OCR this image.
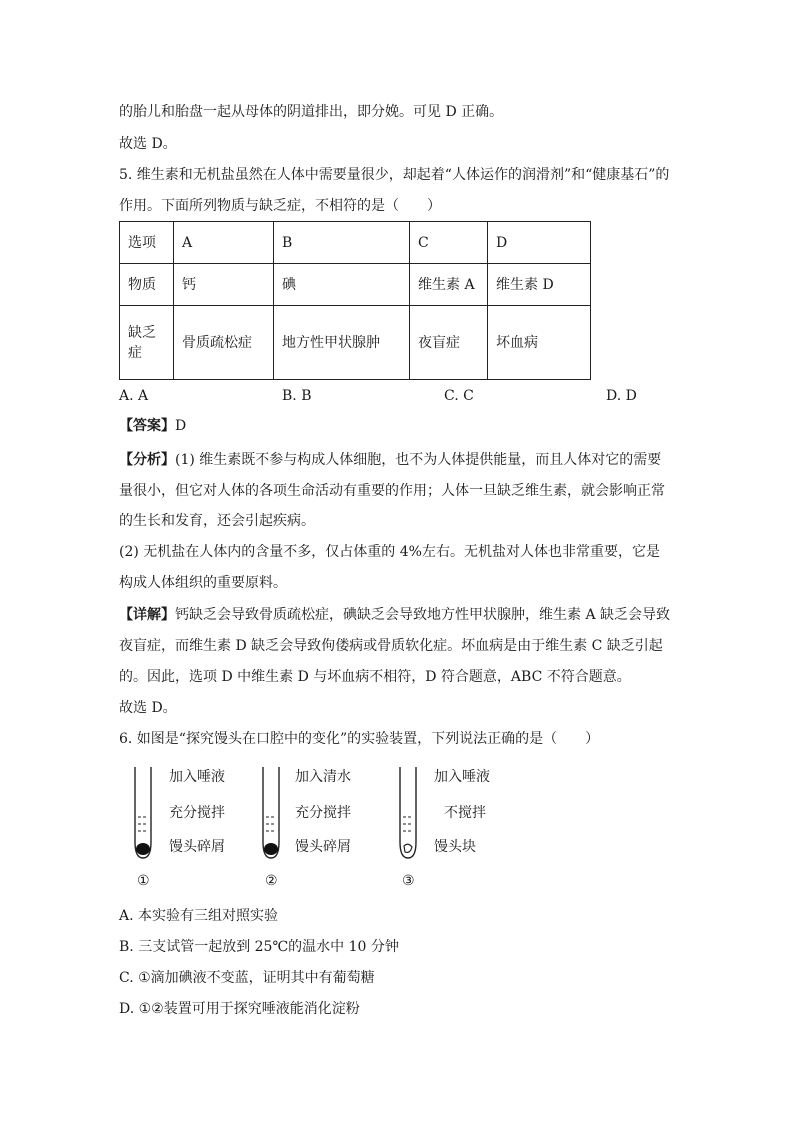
的胎儿和胎盘一起从母体的阴道排出，即分娩。可见 D 正确。
故选 D。
5. 维生素和无机盐虽然在人体中需要量很少，却起着“人体运作的润滑剂”和“健康基石”的
作用。下面所列物质与缺乏症，不相符的是（　　）
选项	A	B	C	D
物质	钙	碘	维生素 A	维生素 D
缺乏
症	骨质疏松症	地方性甲状腺肿	夜盲症	坏血病
A. A	B. B	C. C	D. D
【答案】D
【分析】(1) 维生素既不参与构成人体细胞，也不为人体提供能量，而且人体对它的需要
量很小，但它对人体的各项生命活动有重要的作用；人体一旦缺乏维生素，就会影响正常
的生长和发育，还会引起疾病。
(2) 无机盐在人体内的含量不多，仅占体重的 4%左右。无机盐对人体也非常重要，它是
构成人体组织的重要原料。
【详解】钙缺乏会导致骨质疏松症，碘缺乏会导致地方性甲状腺肿，维生素 A 缺乏会导致
夜盲症，而维生素 D 缺乏会导致佝偻病或骨质软化症。坏血病是由于维生素 C 缺乏引起
的。因此，选项 D 中维生素 D 与坏血病不相符，D 符合题意，ABC 不符合题意。
故选 D。
6. 如图是“探究馒头在口腔中的变化”的实验装置，下列说法正确的是（　　）
加入唾液
充分搅拌
馒头碎屑
①
加入清水
充分搅拌
馒头碎屑
②
加入唾液
不搅拌
馒头块
③
A. 本实验有三组对照实验
B. 三支试管一起放到 25℃的温水中 10 分钟
C. ①滴加碘液不变蓝，证明其中有葡萄糖
D. ①②装置可用于探究唾液能消化淀粉
